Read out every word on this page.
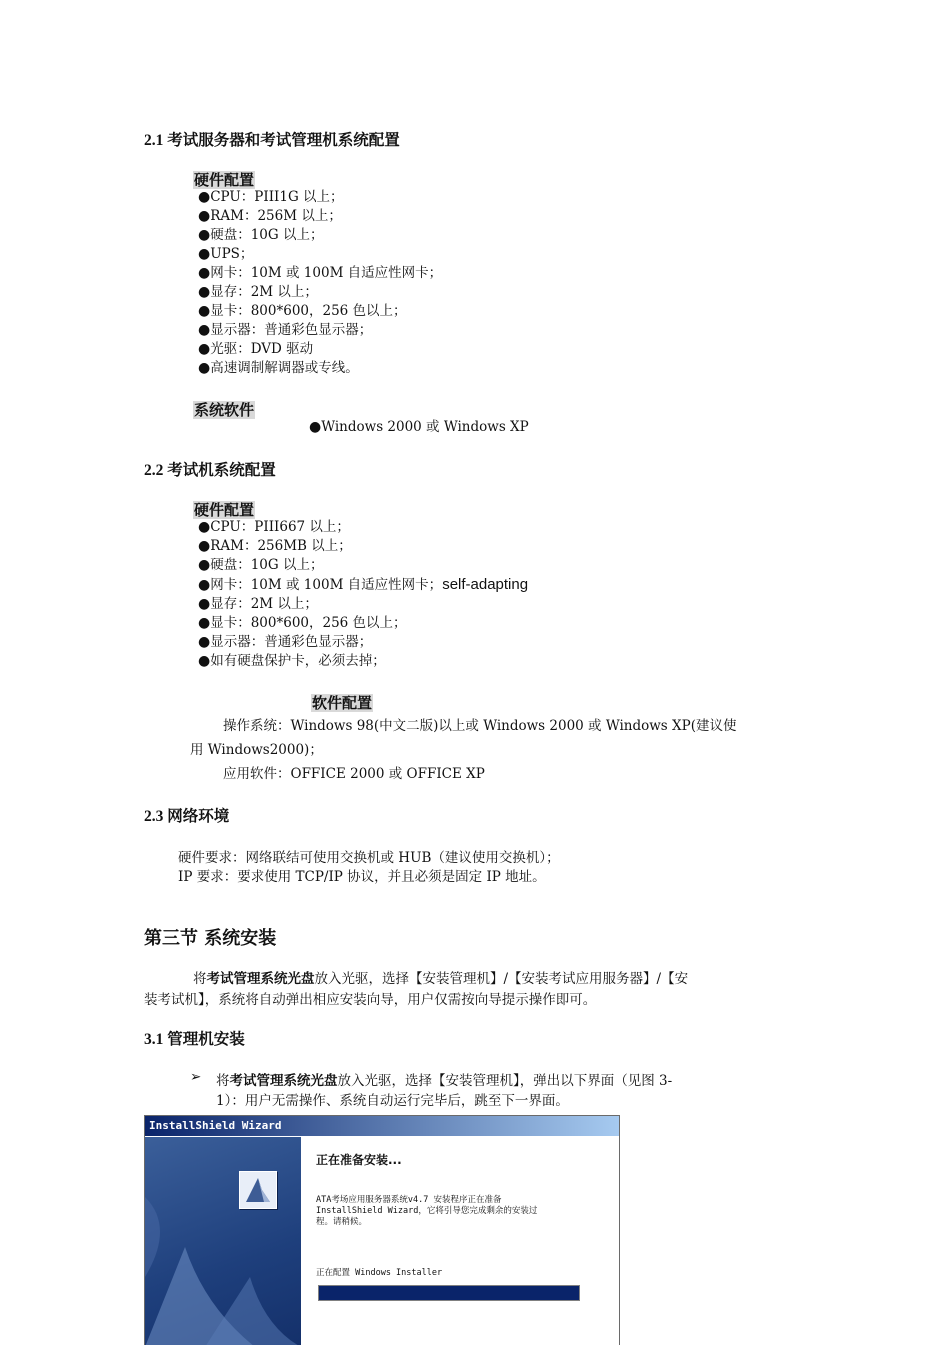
2.1 考试服务器和考试管理机系统配置
硬件配置
●CPU：PIII1G 以上；
●RAM：256M 以上；
●硬盘：10G 以上；
●UPS；
●网卡：10M 或 100M 自适应性网卡；
●显存：2M 以上；
●显卡：800*600，256 色以上；
●显示器：普通彩色显示器；
●光驱：DVD 驱动
●高速调制解调器或专线。
系统软件
●Windows 2000 或 Windows XP
2.2 考试机系统配置
硬件配置
●CPU：PIII667 以上；
●RAM：256MB 以上；
●硬盘：10G 以上；
●网卡：10M 或 100M 自适应性网卡；self-adapting
●显存：2M 以上；
●显卡：800*600，256 色以上；
●显示器：普通彩色显示器；
●如有硬盘保护卡，必须去掉；
软件配置
操作系统：Windows 98(中文二版)以上或 Windows 2000 或 Windows XP(建议使
用 Windows2000)；
应用软件：OFFICE 2000 或 OFFICE XP
2.3 网络环境
硬件要求：网络联结可使用交换机或 HUB（建议使用交换机）；
IP 要求：要求使用 TCP/IP 协议，并且必须是固定 IP 地址。
第三节 系统安装
将考试管理系统光盘放入光驱，选择【安装管理机】/【安装考试应用服务器】/【安
装考试机】，系统将自动弹出相应安装向导，用户仅需按向导提示操作即可。
3.1 管理机安装
➢ 将考试管理系统光盘放入光驱，选择【安装管理机】，弹出以下界面（见图 3-
1）：用户无需操作、系统自动运行完毕后，跳至下一界面。
InstallShield Wizard
正在准备安装...
ATA考场应用服务器系统v4.7 安装程序正在准备
InstallShield Wizard，它将引导您完成剩余的安装过
程。请稍候。
正在配置 Windows Installer
